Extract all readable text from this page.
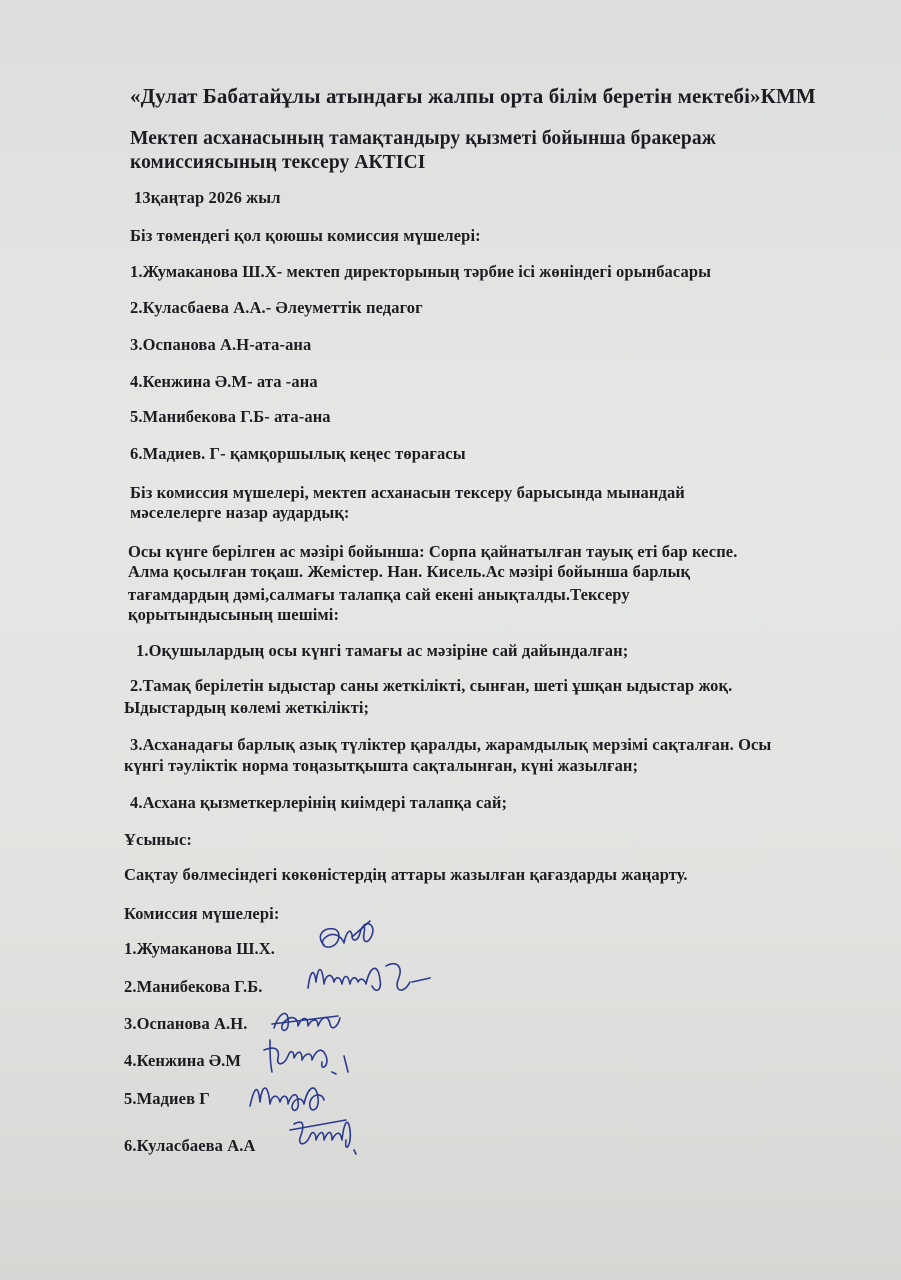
«Дулат Бабатайұлы атындағы жалпы орта білім беретін мектебі»КММ
Мектеп асханасының тамақтандыру қызметі бойынша бракераж
комиссиясының тексеру АКТІСІ
13қаңтар 2026 жыл
Біз төмендегі қол қоюшы комиссия мүшелері:
1.Жумаканова Ш.Х- мектеп директорының тәрбие ісі жөніндегі орынбасары
2.Куласбаева А.А.- Әлеуметтік педагог
3.Оспанова А.Н-ата-ана
4.Кенжина Ә.М- ата -ана
5.Манибекова Г.Б- ата-ана
6.Мадиев. Г- қамқоршылық кеңес төрағасы
Біз комиссия мүшелері, мектеп асханасын тексеру барысында мынандай
мәселелерге назар аудардық:
Осы күнге берілген ас мәзірі бойынша: Сорпа қайнатылған тауық еті бар кеспе.
Алма қосылған тоқаш. Жемістер. Нан. Кисель.Ас мәзірі бойынша барлық
тағамдардың дәмі,салмағы талапқа сай екені анықталды.Тексеру
қорытындысының шешімі:
1.Оқушылардың осы күнгі тамағы ас мәзіріне сай дайындалған;
2.Тамақ берілетін ыдыстар саны жеткілікті, сынған, шеті ұшқан ыдыстар жоқ.
Ыдыстардың көлемі жеткілікті;
3.Асханадағы барлық азық түліктер қаралды, жарамдылық мерзімі сақталған. Осы
күнгі тәуліктік норма тоңазытқышта сақталынған, күні жазылған;
4.Асхана қызметкерлерінің киімдері талапқа сай;
Ұсыныс:
Сақтау бөлмесіндегі көкөністердің аттары жазылған қағаздарды жаңарту.
Комиссия мүшелері:
1.Жумаканова Ш.Х.
2.Манибекова Г.Б.
3.Оспанова А.Н.
4.Кенжина Ә.М
5.Мадиев Г
6.Куласбаева А.А
